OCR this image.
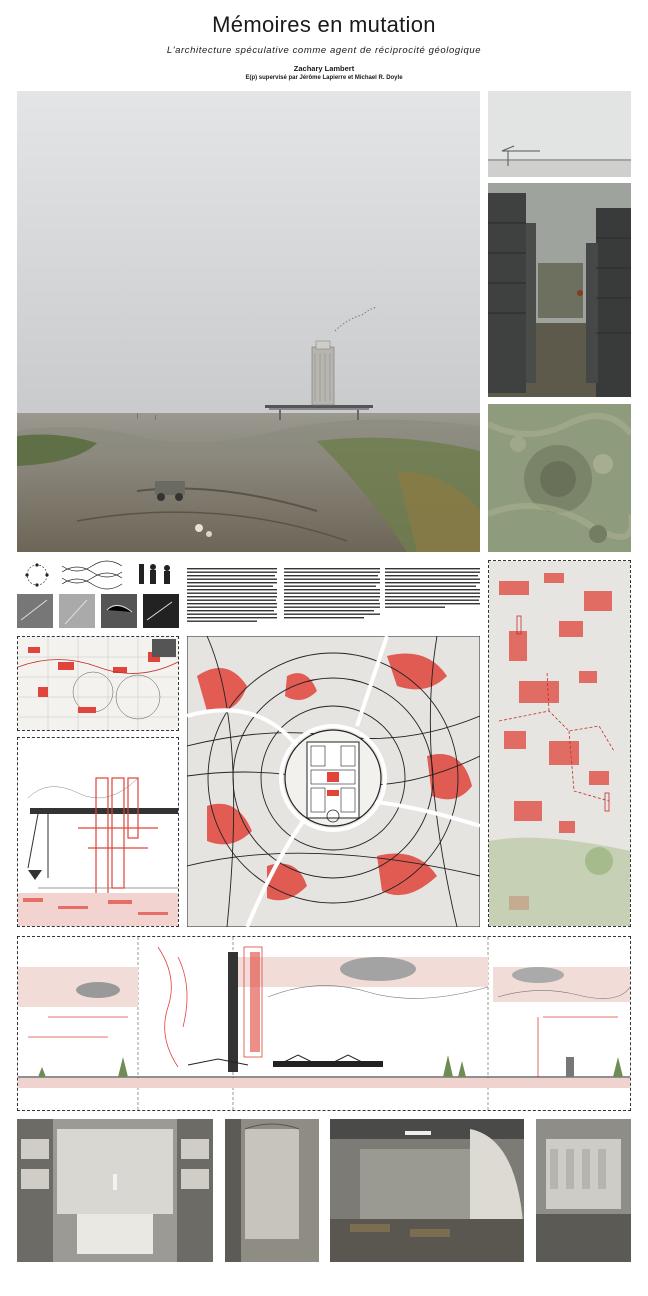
Mémoires en mutation
L'architecture spéculative comme agent de réciprocité géologique
Zachary Lambert
E(p) supervisé par Jérôme Lapierre et Michael R. Doyle
